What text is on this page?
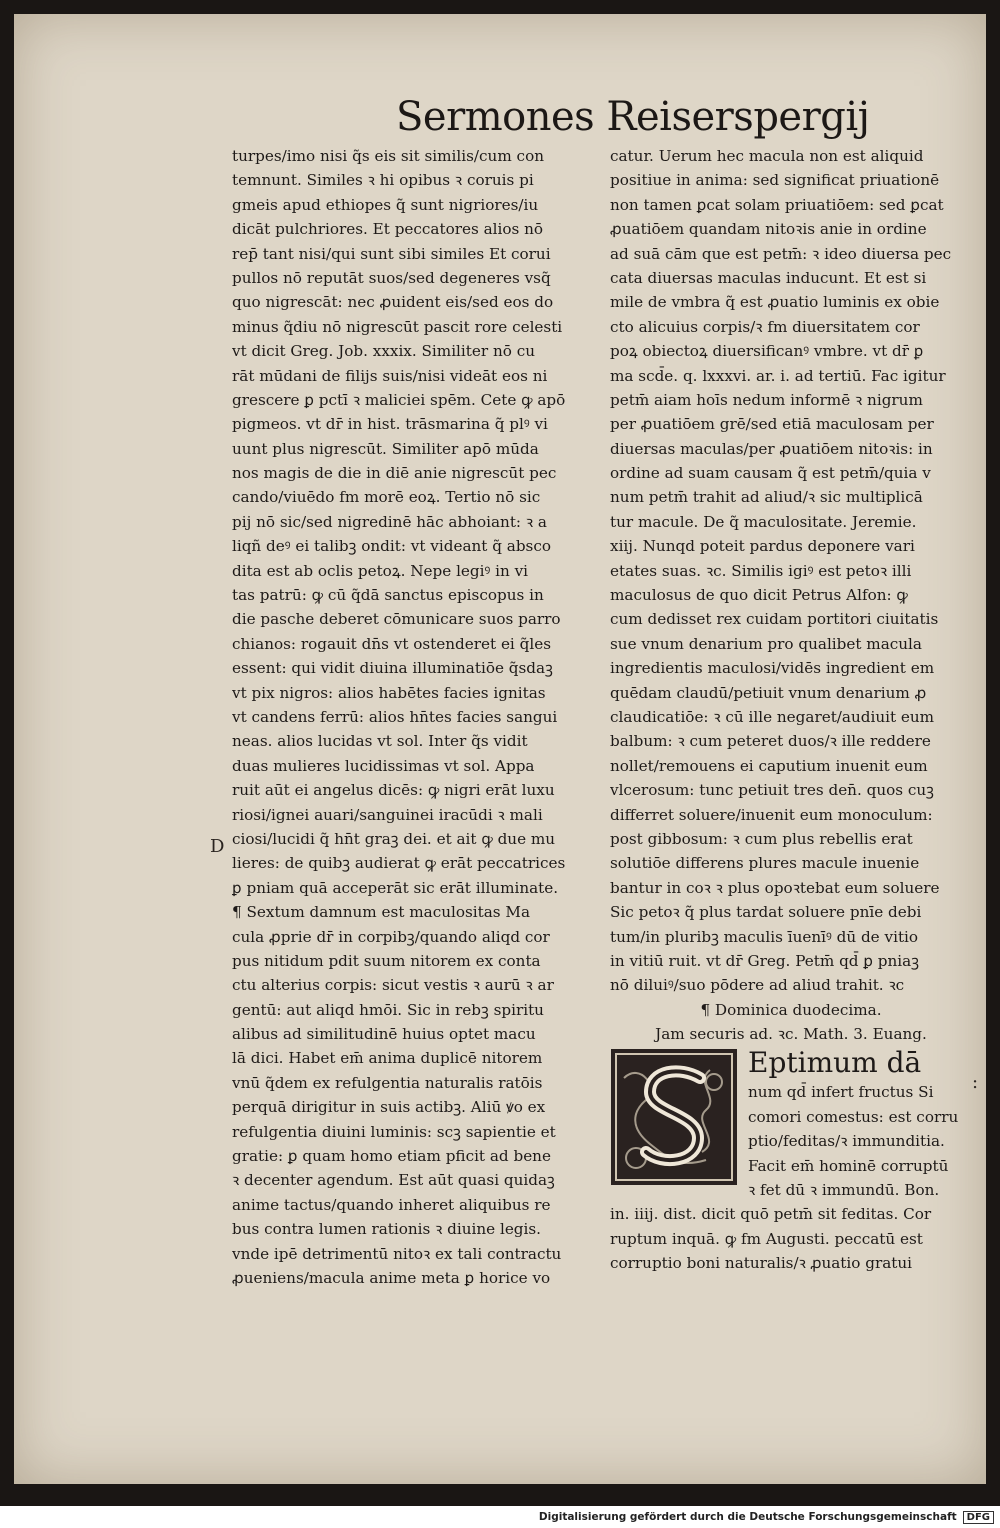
Sermones Reiserspergij
turpes/imo nisi q̃s eis sit similis/cum con
temnunt. Similes ꝛ hi opibus ꝛ coruis pi
gmeis apud ethiopes q̃ sunt nigriores/iu
dicāt pulchriores. Et peccatores alios nō
rep̄ tant nisi/qui sunt sibi similes Et corui
pullos nō reputāt suos/sed degeneres vsq̃
quo nigrescāt: nec ꝓuident eis/sed eos do
minus q̃diu nō nigrescūt pascit rore celesti
vt dicit Greg. Job. xxxix. Similiter nō cu
rāt mūdani de filijs suis/nisi videāt eos ni
grescere ꝑ pctī ꝛ maliciei spēm. Cete ꝙ apō
pigmeos. vt dr̄ in hist. trāsmarina q̃ plꝰ vi
uunt plus nigrescūt. Similiter apō mūda
nos magis de die in diē anie nigrescūt pec
cando/viuēdo fm morē eoꝝ. Tertio nō sic
pij nō sic/sed nigredinē hāc abhoiant: ꝛ a
liqñ deꝰ ei talibꝫ ondit: vt videant q̃ absco
dita est ab oclis petoꝝ. Nepe legiꝰ in vi
tas patrū: ꝙ cū q̃dā sanctus episcopus in
die pasche deberet cōmunicare suos parro
chianos: rogauit dn̄s vt ostenderet ei q̃les
essent: qui vidit diuina illuminatiōe q̃sdaꝫ
vt pix nigros: alios habētes facies ignitas
vt candens ferrū: alios hn̄tes facies sangui
neas. alios lucidas vt sol. Inter q̃s vidit
duas mulieres lucidissimas vt sol. Appa
ruit aūt ei angelus dicēs: ꝙ nigri erāt luxu
riosi/ignei auari/sanguinei iracūdi ꝛ mali
ciosi/lucidi q̃ hn̄t graꝫ dei. et ait ꝙ due mu
lieres: de quibꝫ audierat ꝙ erāt peccatrices
ꝑ pniam quā acceperāt sic erāt illuminate.
¶ Sextum damnum est maculositas Ma
cula ꝓprie dr̄ in corpibꝫ/quando aliqd cor
pus nitidum pdit suum nitorem ex conta
ctu alterius corpis: sicut vestis ꝛ aurū ꝛ ar
gentū: aut aliqd hmōi. Sic in rebꝫ spiritu
alibus ad similitudinē huius optet macu
lā dici. Habet em̄ anima duplicē nitorem
vnū q̃dem ex refulgentia naturalis ratōis
perquā dirigitur in suis actibꝫ. Aliū ꝟo ex
refulgentia diuini luminis: scꝫ sapientie et
gratie: ꝑ quam homo etiam pficit ad bene
ꝛ decenter agendum. Est aūt quasi quidaꝫ
anime tactus/quando inheret aliquibus re
bus contra lumen rationis ꝛ diuine legis.
vnde ipē detrimentū nitoꝛ ex tali contractu
ꝓueniens/macula anime meta ꝑ horice vo
D
catur. Uerum hec macula non est aliquid
positiue in anima: sed significat priuationē
non tamen ꝑcat solam priuatiōem: sed ꝑcat
ꝓuatiōem quandam nitoꝛis anie in ordine
ad suā cām que est petm̄: ꝛ ideo diuersa pec
cata diuersas maculas inducunt. Et est si
mile de vmbra q̃ est ꝓuatio luminis ex obie
cto alicuius corpis/ꝛ fm diuersitatem cor
poꝝ obiectoꝝ diuersificanꝰ vmbre. vt dr̄ ꝑ
ma scd̄e. q. lxxxvi. ar. i. ad tertiū. Fac igitur
petm̄ aiam hoīs nedum informē ꝛ nigrum
per ꝓuatiōem grē/sed etiā maculosam per
diuersas maculas/per ꝓuatiōem nitoꝛis: in
ordine ad suam causam q̃ est petm̄/quia v
num petm̄ trahit ad aliud/ꝛ sic multiplicā
tur macule. De q̃ maculositate. Jeremie.
xiij. Nunqd poteit pardus deponere vari
etates suas. ꝛc. Similis igiꝰ est petoꝛ illi
maculosus de quo dicit Petrus Alfon: ꝙ
cum dedisset rex cuidam portitori ciuitatis
sue vnum denarium pro qualibet macula
ingredientis maculosi/vidēs ingredient em
quēdam claudū/petiuit vnum denarium ꝓ
claudicatiōe: ꝛ cū ille negaret/audiuit eum
balbum: ꝛ cum peteret duos/ꝛ ille reddere
nollet/remouens ei caputium inuenit eum
vlcerosum: tunc petiuit tres den̄. quos cuꝫ
differret soluere/inuenit eum monoculum:
post gibbosum: ꝛ cum plus rebellis erat
solutiōe differens plures macule inuenie
bantur in coꝛ ꝛ plus opoꝛtebat eum soluere
Sic petoꝛ q̃ plus tardat soluere pnīe debi
tum/in pluribꝫ maculis īuenīꝰ dū de vitio
in vitiū ruit. vt dr̄ Greg. Petm̄ qd̄ ꝑ pniaꝫ
nō diluiꝰ/suo pōdere ad aliud trahit. ꝛc
¶ Dominica duodecima.
Jam securis ad. ꝛc. Math. 3. Euang.
Eptimum dā
num qd̄ infert fructus Si
comori comestus: est corru
ptio/feditas/ꝛ immunditia.
Facit em̄ hominē corruptū
ꝛ fet dū ꝛ immundū. Bon.
in. iiij. dist. dicit quō petm̄ sit feditas. Cor
ruptum inquā. ꝙ fm Augusti. peccatū est
corruptio boni naturalis/ꝛ ꝓuatio gratui
:
Digitalisierung gefördert durch die Deutsche Forschungsgemeinschaft	DFG
